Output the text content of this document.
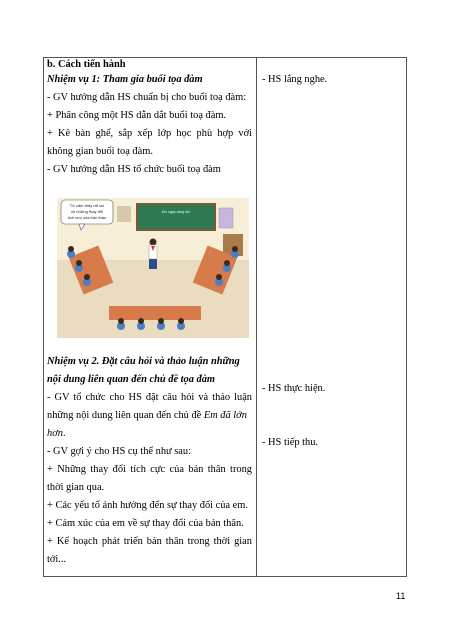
b. Cách tiến hành
Nhiệm vụ 1: Tham gia buổi tọa đàm
- GV hướng dẫn HS chuẩn bị cho buổi toạ đàm:
+ Phân công một HS dẫn dắt buổi toạ đàm.
+ Kê bàn ghế, sắp xếp lớp học phù hợp với
không gian buổi toạ đàm.
- GV hướng dẫn HS tổ chức buổi toạ đàm
Em ngày càng lớn
Tớ cảm thấy rất vui
về những thay đổi
tích cực của bản thân
Nhiệm vụ 2. Đặt câu hỏi và thảo luận những
nội dung liên quan đến chủ đề tọa đàm
- GV tổ chức cho HS đặt câu hỏi và thảo luận
những nội dung liên quan đến chủ đề Em đã lớn
hơn.
- GV gợi ý cho HS cụ thể như sau:
+ Những thay đổi tích cực của bản thân trong
thời gian qua.
+ Các yếu tố ảnh hưởng đến sự thay đổi của em.
+ Cảm xúc của em về sự thay đổi của bản thân.
+ Kế hoạch phát triển bản thân trong thời gian
tới...
- HS lắng nghe.
- HS thực hiện.
- HS tiếp thu.
11
